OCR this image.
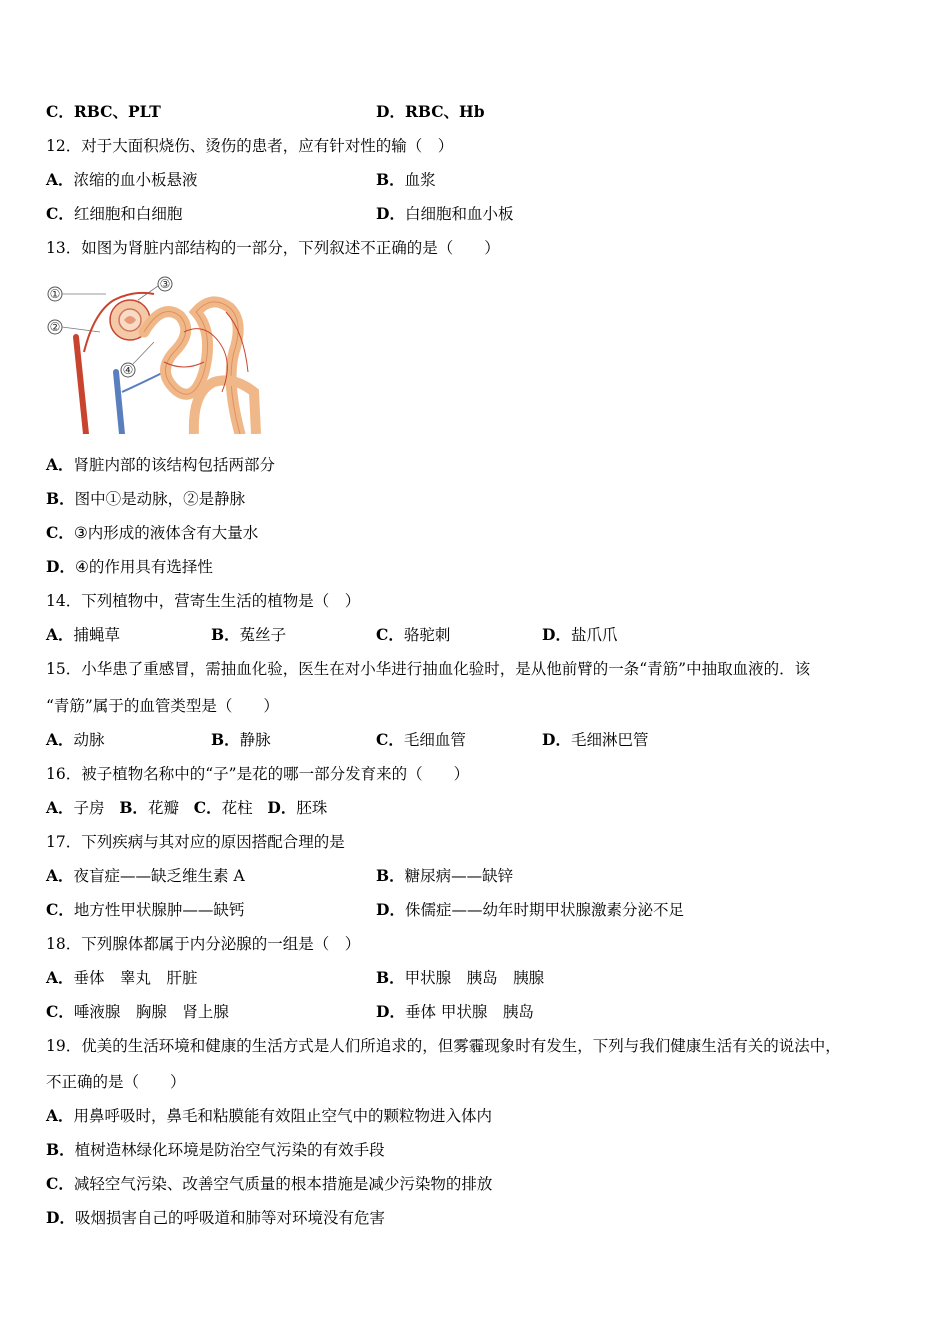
C．RBC、PLT	D．RBC、Hb
12．对于大面积烧伤、烫伤的患者，应有针对性的输（　）
A．浓缩的血小板悬液	B．血浆
C．红细胞和白细胞	D．白细胞和血小板
13．如图为肾脏内部结构的一部分，下列叙述不正确的是（　　）
①
②
③
④
A．肾脏内部的该结构包括两部分
B．图中①是动脉，②是静脉
C．③内形成的液体含有大量水
D．④的作用具有选择性
14．下列植物中，营寄生生活的植物是（　）
A．捕蝇草	B．菟丝子	C．骆驼刺	D．盐爪爪
15．小华患了重感冒，需抽血化验，医生在对小华进行抽血化验时，是从他前臂的一条“青筋”中抽取血液的．该
“青筋”属于的血管类型是（　　）
A．动脉	B．静脉	C．毛细血管	D．毛细淋巴管
16．被子植物名称中的“子”是花的哪一部分发育来的（　　）
A．子房 B．花瓣 C．花柱 D．胚珠
17．下列疾病与其对应的原因搭配合理的是
A．夜盲症——缺乏维生素 A	B．糖尿病——缺锌
C．地方性甲状腺肿——缺钙	D．侏儒症——幼年时期甲状腺激素分泌不足
18．下列腺体都属于内分泌腺的一组是（　）
A．垂体　睾丸　肝脏	B．甲状腺　胰岛　胰腺
C．唾液腺　胸腺　肾上腺	D．垂体 甲状腺　胰岛
19．优美的生活环境和健康的生活方式是人们所追求的，但雾霾现象时有发生，下列与我们健康生活有关的说法中，
不正确的是（　　）
A．用鼻呼吸时，鼻毛和粘膜能有效阻止空气中的颗粒物进入体内
B．植树造林绿化环境是防治空气污染的有效手段
C．减轻空气污染、改善空气质量的根本措施是减少污染物的排放
D．吸烟损害自己的呼吸道和肺等对环境没有危害
